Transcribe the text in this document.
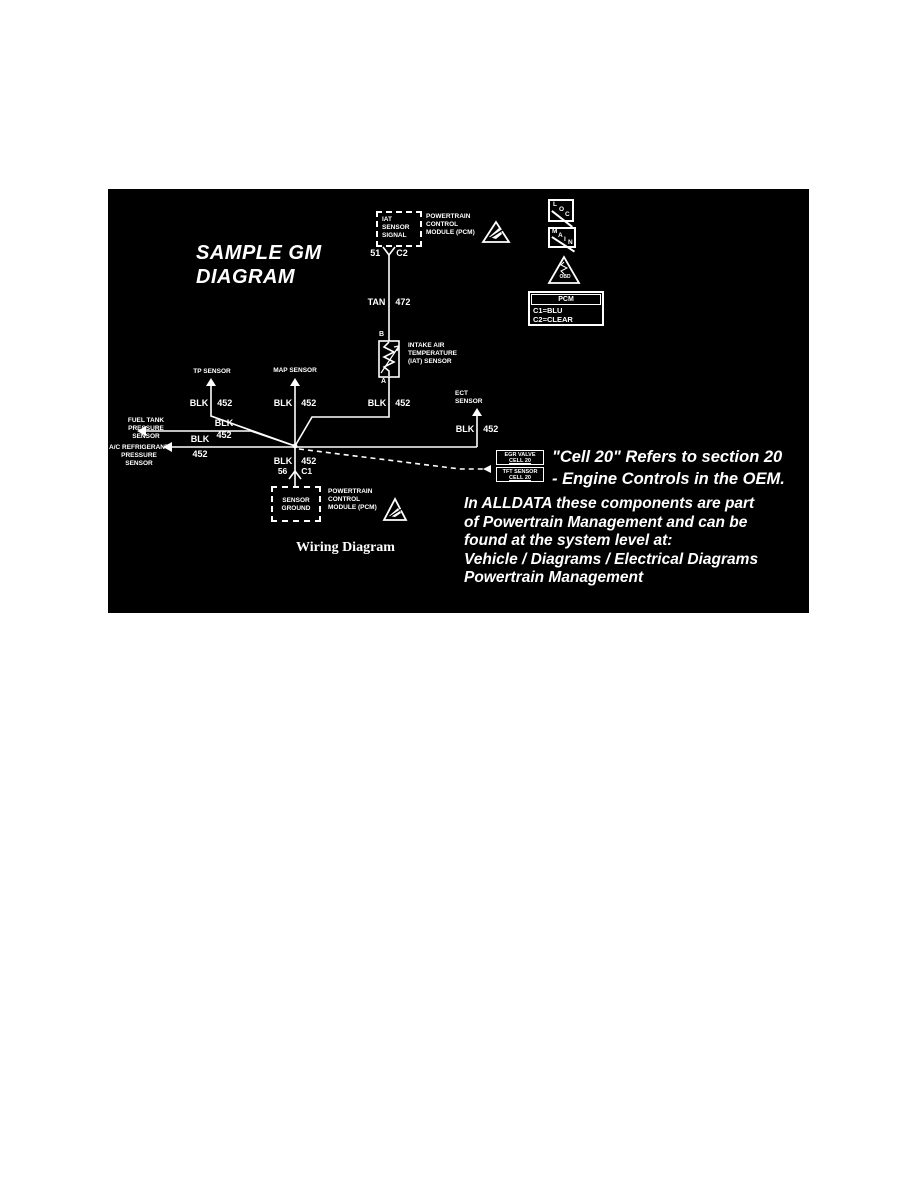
SAMPLE GM
DIAGRAM
IAT
SENSOR
SIGNAL
POWERTRAIN
CONTROL
MODULE (PCM)
51 C2
TAN 472
B
INTAKE AIR
TEMPERATURE
(IAT) SENSOR
A
TP SENSOR	MAP SENSOR
ECT
SENSOR
FUEL TANK
PRESSURE
SENSOR
A/C REFRIGERANT
PRESSURE
SENSOR
BLK 452	BLK 452	BLK 452
BLK 452
BLK
452
BLK
452
BLK 452
56 C1
SENSOR
GROUND
POWERTRAIN
CONTROL
MODULE (PCM)
Wiring Diagram
L
O
C
M
A
I N
OBD
PCM
C1=BLU
C2=CLEAR
EGR VALVE
CELL 20
TFT SENSOR
CELL 20
"Cell 20" Refers to section 20
- Engine Controls in the OEM.
In ALLDATA these components are part
of Powertrain Management and can be
found at the system level at:
Vehicle / Diagrams / Electrical Diagrams
Powertrain Management
